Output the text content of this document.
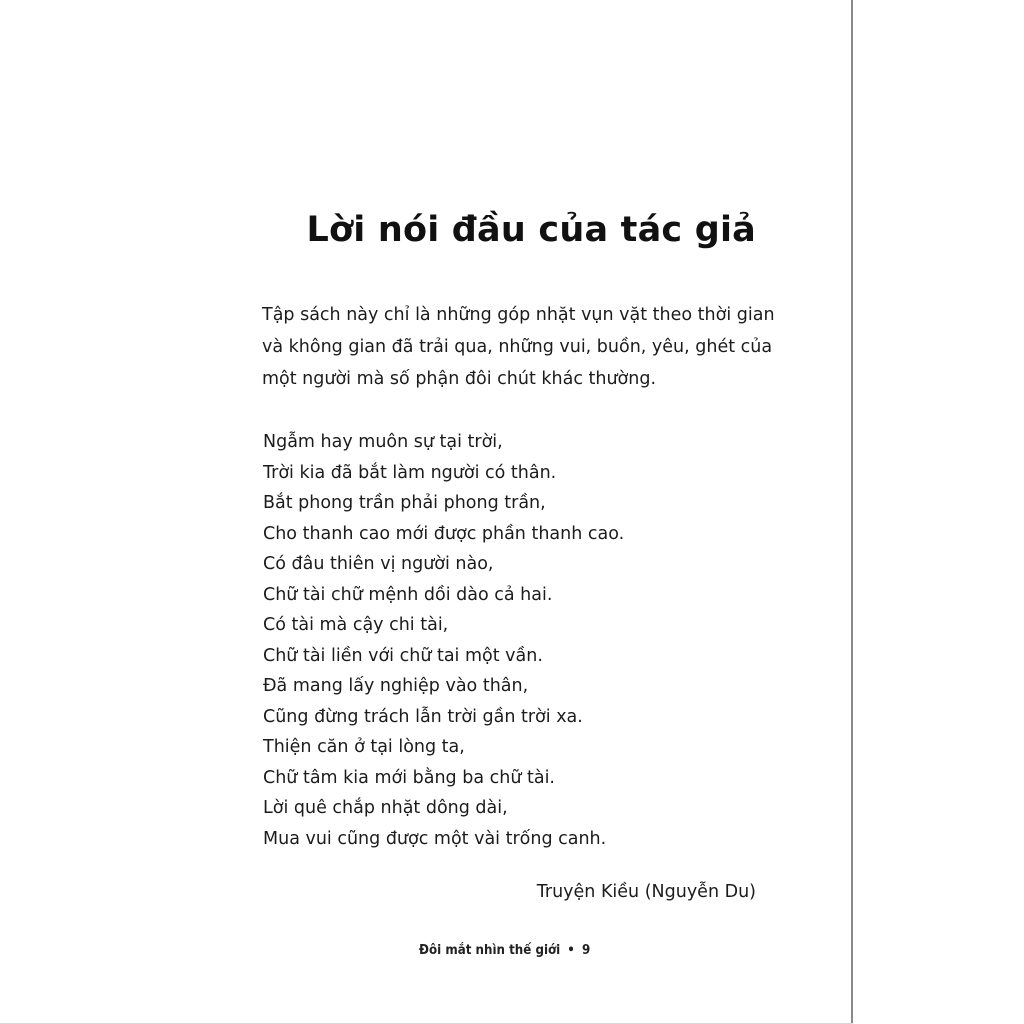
Lời nói đầu của tác giả
Tập sách này chỉ là những góp nhặt vụn vặt theo thời gian
và không gian đã trải qua, những vui, buồn, yêu, ghét của
một người mà số phận đôi chút khác thường.
Ngẫm hay muôn sự tại trời,
Trời kia đã bắt làm người có thân.
Bắt phong trần phải phong trần,
Cho thanh cao mới được phần thanh cao.
Có đâu thiên vị người nào,
Chữ tài chữ mệnh dồi dào cả hai.
Có tài mà cậy chi tài,
Chữ tài liền với chữ tai một vần.
Đã mang lấy nghiệp vào thân,
Cũng đừng trách lẫn trời gần trời xa.
Thiện căn ở tại lòng ta,
Chữ tâm kia mới bằng ba chữ tài.
Lời quê chắp nhặt dông dài,
Mua vui cũng được một vài trống canh.
Truyện Kiều (Nguyễn Du)
Đôi mắt nhìn thế giới • 9
